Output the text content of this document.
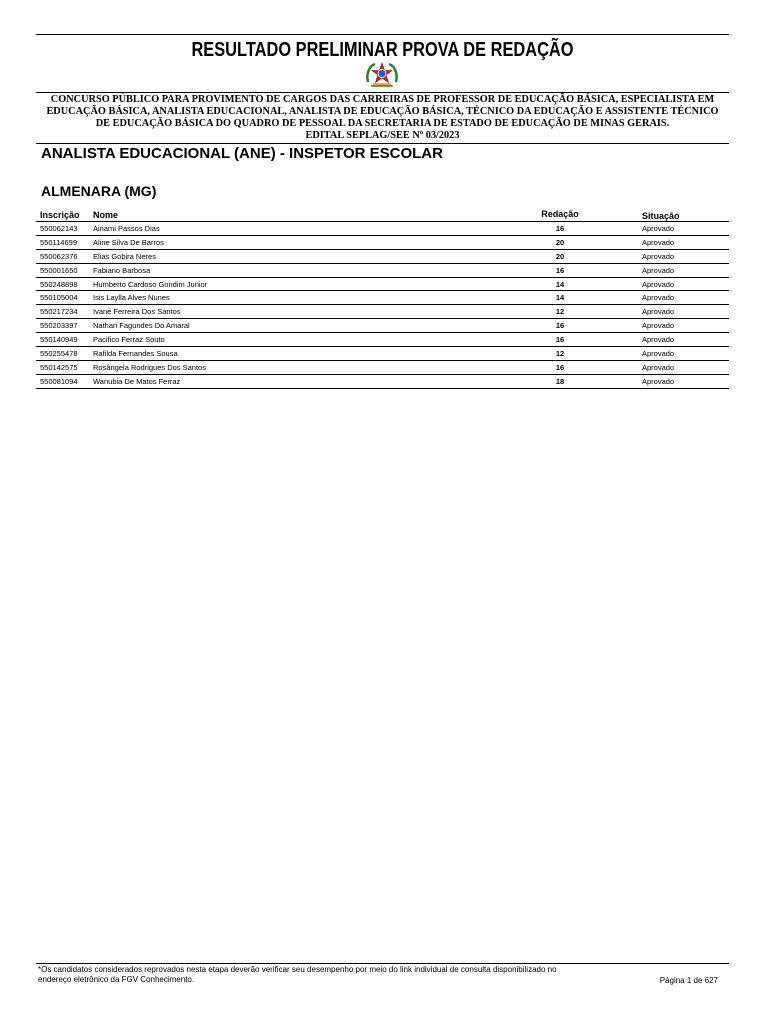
RESULTADO PRELIMINAR PROVA DE REDAÇÃO
CONCURSO PÚBLICO PARA PROVIMENTO DE CARGOS DAS CARREIRAS DE PROFESSOR DE EDUCAÇÃO BÁSICA, ESPECIALISTA EM
EDUCAÇÃO BÁSICA, ANALISTA EDUCACIONAL, ANALISTA DE EDUCAÇÃO BÁSICA, TÉCNICO DA EDUCAÇÃO E ASSISTENTE TÉCNICO
DE EDUCAÇÃO BÁSICA DO QUADRO DE PESSOAL DA SECRETARIA DE ESTADO DE EDUCAÇÃO DE MINAS GERAIS.
EDITAL SEPLAG/SEE Nº 03/2023
ANALISTA EDUCACIONAL (ANE) - INSPETOR ESCOLAR
ALMENARA (MG)
Inscrição Nome	Redação	Situação
550062143 Ainami Passos Dias	16	Aprovado
550114699 Aline Silva De Barros	20	Aprovado
550062376 Elias Gobira Neres	20	Aprovado
550001650 Fabiano Barbosa	16	Aprovado
550248898 Humberto Cardoso Gondim Junior	14	Aprovado
550105004 Isis Laylla Alves Nunes	14	Aprovado
550217234 Ivané Ferreira Dos Santos	12	Aprovado
550203397 Nathan Fagundes Do Amaral	16	Aprovado
550140949 Pacifico Ferraz Souto	16	Aprovado
550255478 Rafilda Fernandes Sousa	12	Aprovado
550142575 Rosângela Rodrigues Dos Santos	16	Aprovado
550081094 Wanubia De Matos Ferraz	18	Aprovado
*Os candidatos considerados reprovados nesta etapa deverão verificar seu desempenho por meio do link individual de consulta disponibilizado no
endereço eletrônico da FGV Conhecimento.	Página 1 de 627
